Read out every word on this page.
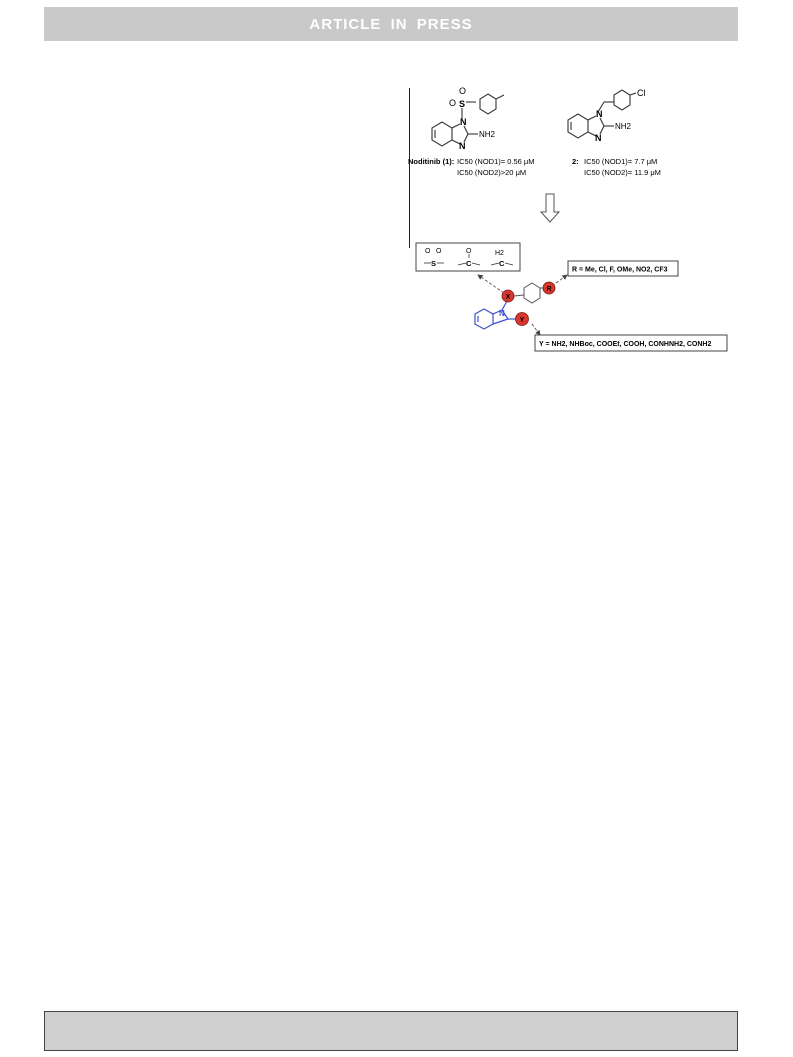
ARTICLE IN PRESS
N
N
S
O
O
NH2
Noditinib (1): IC50 (NOD1)= 0.56 μM
IC50 (NOD2)>20 μM
N
N
Cl
NH2
2: IC50 (NOD1)= 7.7 μM
IC50 (NOD2)= 11.9 μM
S
O O
C
O
C
H2
N
X
R
Y
R = Me, Cl, F, OMe, NO2, CF3
Y = NH2, NHBoc, COOEt, COOH, CONHNH2, CONH2
